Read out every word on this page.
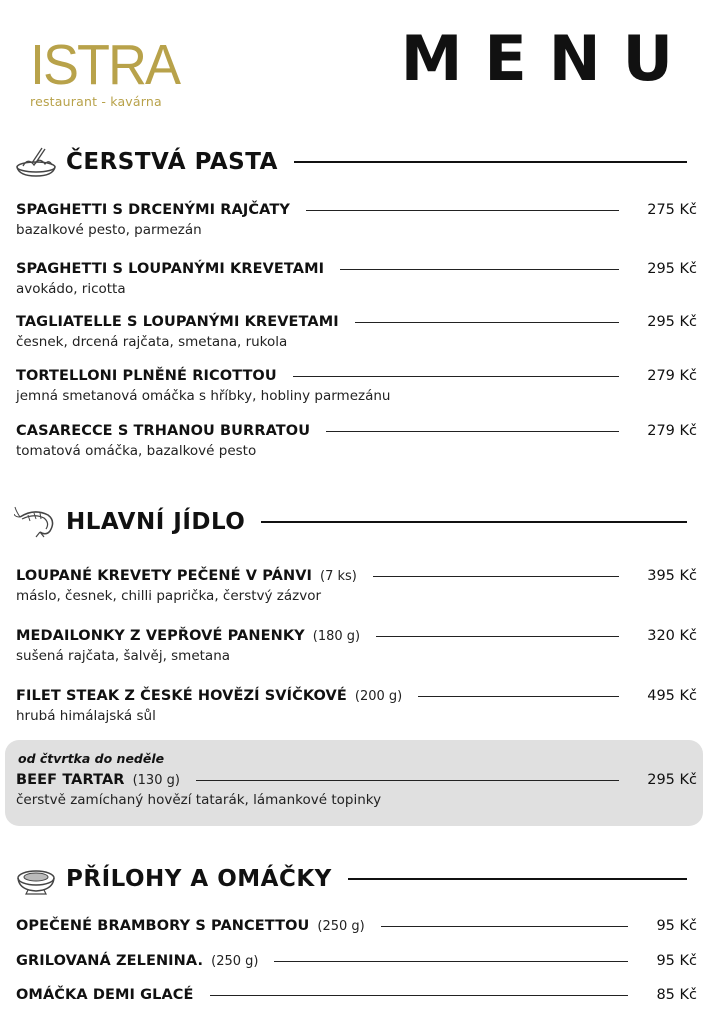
ISTRA
restaurant - kavárna
MENU
ČERSTVÁ PASTA
SPAGHETTI S DRCENÝMI RAJČATY	275 Kč
bazalkové pesto, parmezán
SPAGHETTI S LOUPANÝMI KREVETAMI	295 Kč
avokádo, ricotta
TAGLIATELLE S LOUPANÝMI KREVETAMI	295 Kč
česnek, drcená rajčata, smetana, rukola
TORTELLONI PLNĚNÉ RICOTTOU	279 Kč
jemná smetanová omáčka s hříbky, hobliny parmezánu
CASARECCE S TRHANOU BURRATOU	279 Kč
tomatová omáčka, bazalkové pesto
HLAVNÍ JÍDLO
LOUPANÉ KREVETY PEČENÉ V PÁNVI (7 ks)	395 Kč
máslo, česnek, chilli paprička, čerstvý zázvor
MEDAILONKY Z VEPŘOVÉ PANENKY (180 g)	320 Kč
sušená rajčata, šalvěj, smetana
FILET STEAK Z ČESKÉ HOVĚZÍ SVÍČKOVÉ (200 g)	495 Kč
hrubá himálajská sůl
od čtvrtka do neděle
BEEF TARTAR (130 g)	295 Kč
čerstvě zamíchaný hovězí tatarák, lámankové topinky
PŘÍLOHY A OMÁČKY
OPEČENÉ BRAMBORY S PANCETTOU (250 g)	95 Kč
GRILOVANÁ ZELENINA. (250 g)	95 Kč
OMÁČKA DEMI GLACÉ	85 Kč
